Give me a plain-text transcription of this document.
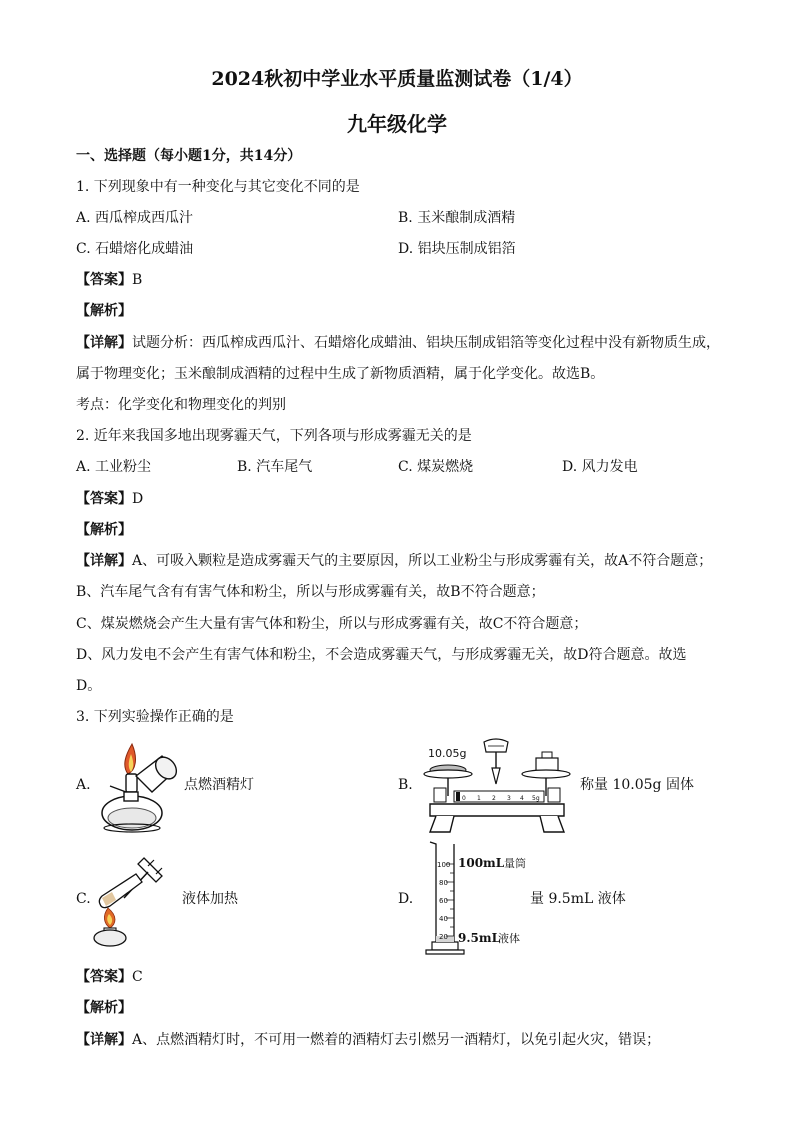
2024秋初中学业水平质量监测试卷（1/4）
九年级化学
一、选择题（每小题1分，共14分）
1. 下列现象中有一种变化与其它变化不同的是
A. 西瓜榨成西瓜汁	B. 玉米酿制成酒精
C. 石蜡熔化成蜡油	D. 铝块压制成铝箔
【答案】B
【解析】
【详解】试题分析：西瓜榨成西瓜汁、石蜡熔化成蜡油、铝块压制成铝箔等变化过程中没有新物质生成，
属于物理变化；玉米酿制成酒精的过程中生成了新物质酒精，属于化学变化。故选B。
考点：化学变化和物理变化的判别
2. 近年来我国多地出现雾霾天气，下列各项与形成雾霾无关的是
A. 工业粉尘	B. 汽车尾气	C. 煤炭燃烧	D. 风力发电
【答案】D
【解析】
【详解】A、可吸入颗粒是造成雾霾天气的主要原因，所以工业粉尘与形成雾霾有关，故A不符合题意；
B、汽车尾气含有有害气体和粉尘，所以与形成雾霾有关，故B不符合题意；
C、煤炭燃烧会产生大量有害气体和粉尘，所以与形成雾霾有关，故C不符合题意；
D、风力发电不会产生有害气体和粉尘，不会造成雾霾天气，与形成雾霾无关，故D符合题意。故选
D。
3. 下列实验操作正确的是
A.	点燃酒精灯	B.
10.05g
0 1 2 3 4 5g
称量 10.05g 固体
C.	液体加热	D.
100
80
60
40
20
100mL 量筒
9.5mL
液体
量 9.5mL 液体
【答案】C
【解析】
【详解】A、点燃酒精灯时，不可用一燃着的酒精灯去引燃另一酒精灯，以免引起火灾，错误；
